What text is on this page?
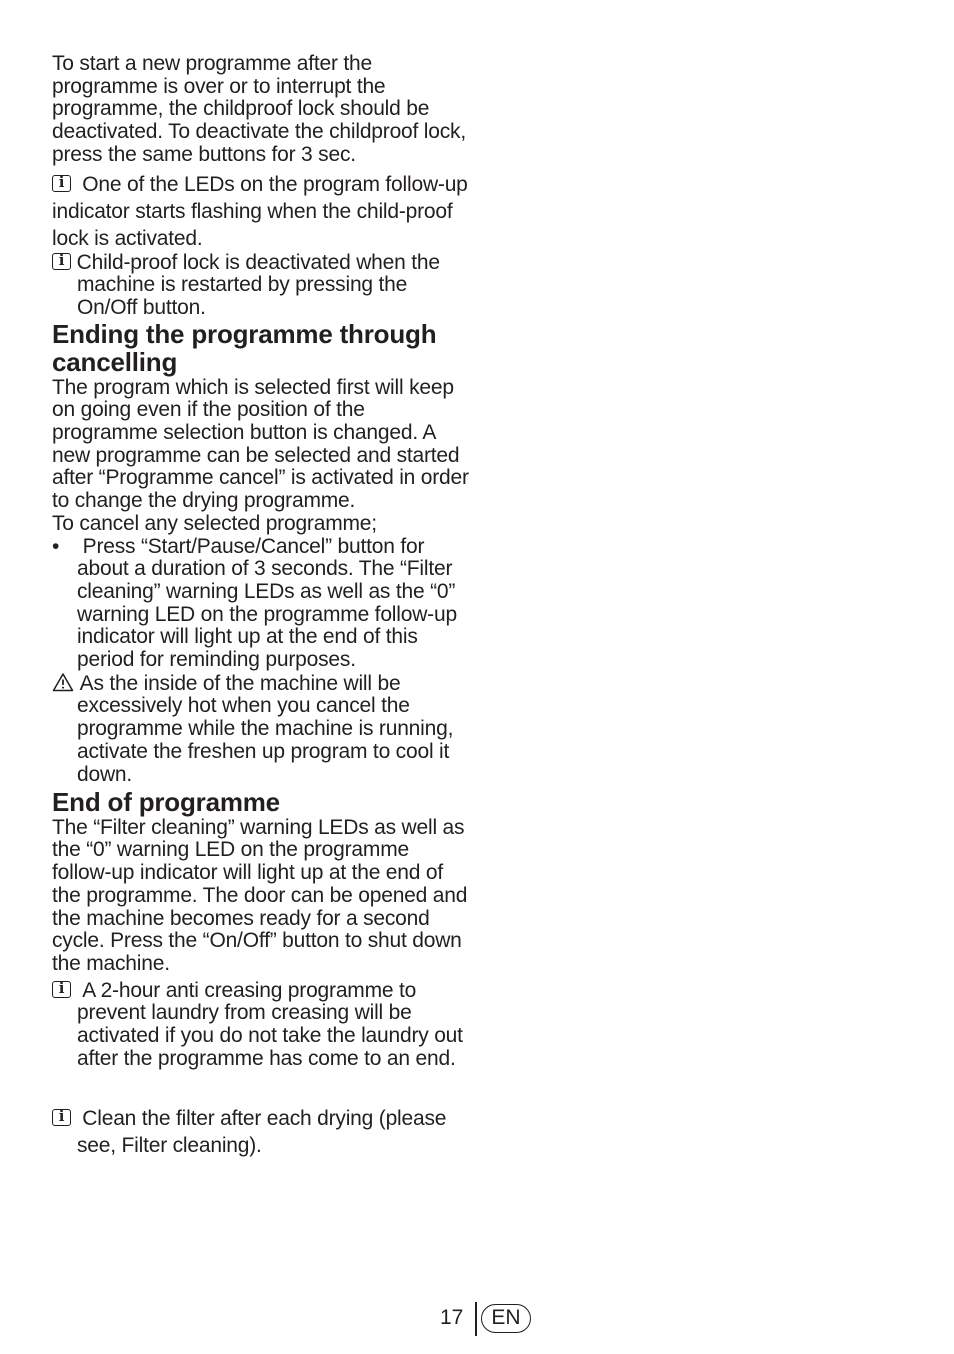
To start a new programme after the programme is over or to interrupt the programme, the childproof lock should be deactivated. To deactivate the childproof lock, press the same buttons for 3 sec.

i  One of the LEDs on the program follow-up indicator starts flashing when the child-proof lock is activated.

i Child-proof lock is deactivated when the machine is restarted by pressing the On/Off button.

Ending the programme through cancelling

The program which is selected first will keep on going even if the position of the programme selection button is changed. A new programme can be selected and started after “Programme cancel” is activated in order to change the drying programme.

To cancel any selected programme;

• Press “Start/Pause/Cancel” button for about a duration of 3 seconds. The “Filter cleaning” warning LEDs as well as the “0” warning LED on the programme follow-up indicator will light up at the end of this period for reminding purposes.

As the inside of the machine will be excessively hot when you cancel the programme while the machine is running, activate the freshen up program to cool it down.

End of programme

The “Filter cleaning” warning LEDs as well as the “0” warning LED on the programme follow-up indicator will light up at the end of the programme. The door can be opened and the machine becomes ready for a second cycle. Press the “On/Off” button to shut down the machine.

i  A 2-hour anti creasing programme to prevent laundry from creasing will be activated if you do not take the laundry out after the programme has come to an end.

i  Clean the filter after each drying (please see, Filter cleaning).

17	EN
